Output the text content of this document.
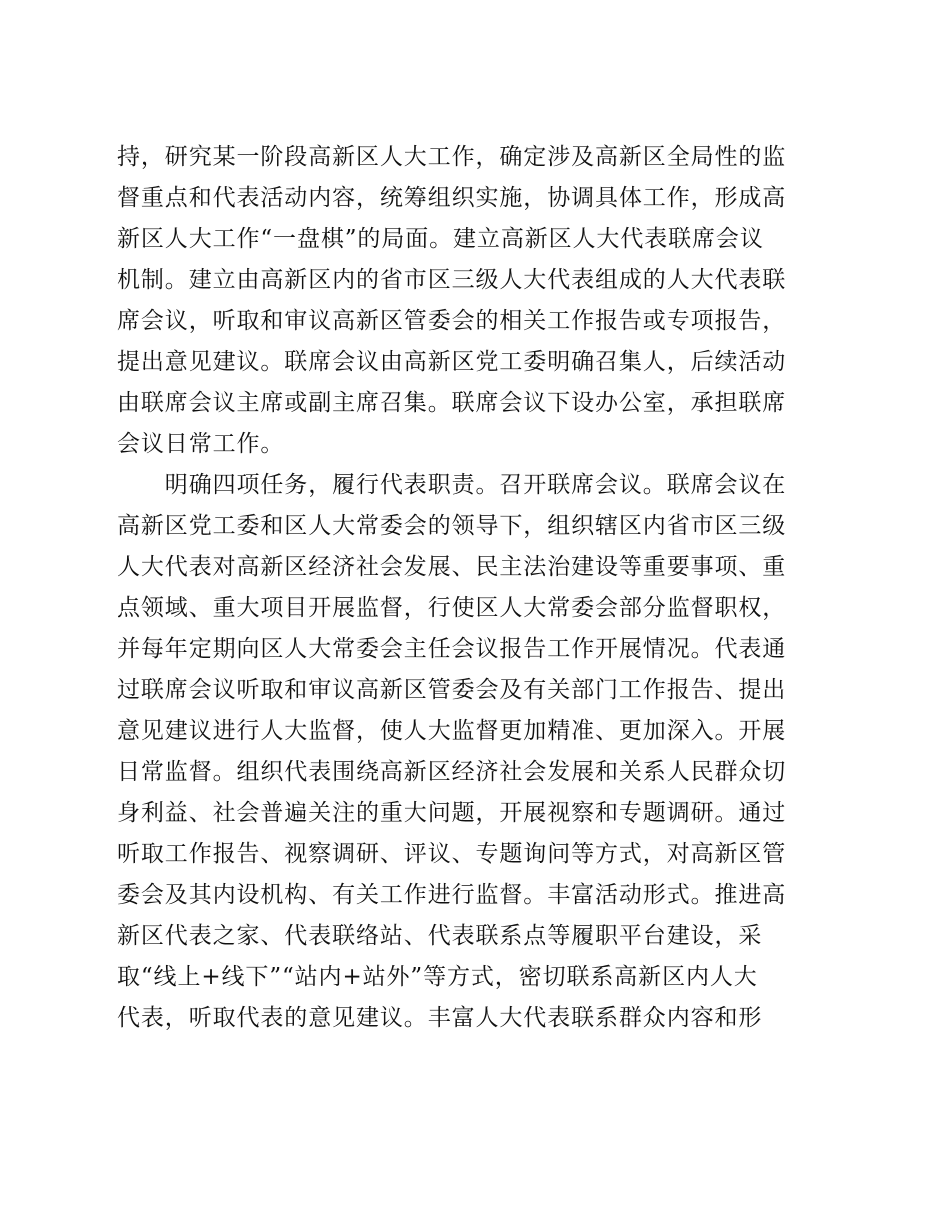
持，研究某一阶段高新区人大工作，确定涉及高新区全局性的监
督重点和代表活动内容，统筹组织实施，协调具体工作，形成高
新区人大工作“一盘棋”的局面。建立高新区人大代表联席会议
机制。建立由高新区内的省市区三级人大代表组成的人大代表联
席会议，听取和审议高新区管委会的相关工作报告或专项报告，
提出意见建议。联席会议由高新区党工委明确召集人，后续活动
由联席会议主席或副主席召集。联席会议下设办公室，承担联席
会议日常工作。
　　明确四项任务，履行代表职责。召开联席会议。联席会议在
高新区党工委和区人大常委会的领导下，组织辖区内省市区三级
人大代表对高新区经济社会发展、民主法治建设等重要事项、重
点领域、重大项目开展监督，行使区人大常委会部分监督职权，
并每年定期向区人大常委会主任会议报告工作开展情况。代表通
过联席会议听取和审议高新区管委会及有关部门工作报告、提出
意见建议进行人大监督，使人大监督更加精准、更加深入。开展
日常监督。组织代表围绕高新区经济社会发展和关系人民群众切
身利益、社会普遍关注的重大问题，开展视察和专题调研。通过
听取工作报告、视察调研、评议、专题询问等方式，对高新区管
委会及其内设机构、有关工作进行监督。丰富活动形式。推进高
新区代表之家、代表联络站、代表联系点等履职平台建设，采
取“线上+线下”“站内+站外”等方式，密切联系高新区内人大
代表，听取代表的意见建议。丰富人大代表联系群众内容和形
